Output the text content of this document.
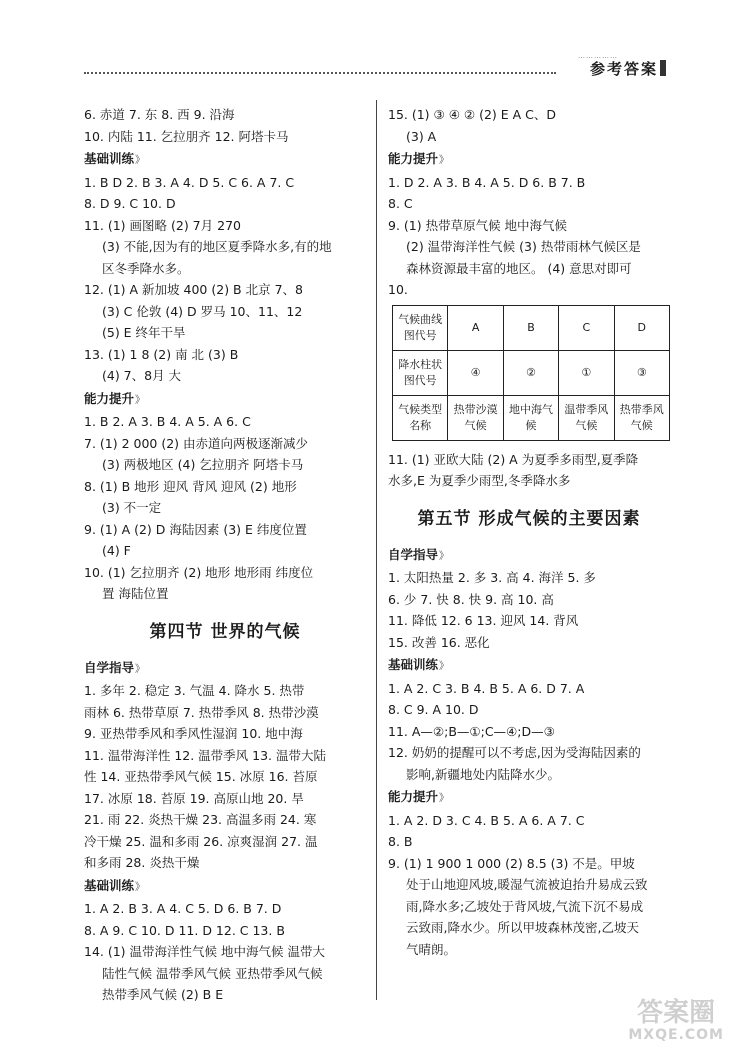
……………
参考答案
6. 赤道 7. 东 8. 西 9. 沿海
10. 内陆 11. 乞拉朋齐 12. 阿塔卡马
基础训练》
1. B D 2. B 3. A 4. D 5. C 6. A 7. C
8. D 9. C 10. D
11. (1) 画图略 (2) 7月 270
(3) 不能,因为有的地区夏季降水多,有的地
区冬季降水多。
12. (1) A 新加坡 400 (2) B 北京 7、8
(3) C 伦敦 (4) D 罗马 10、11、12
(5) E 终年干旱
13. (1) 1 8 (2) 南 北 (3) B
(4) 7、8月 大
能力提升》
1. B 2. A 3. B 4. A 5. A 6. C
7. (1) 2 000 (2) 由赤道向两极逐渐减少
(3) 两极地区 (4) 乞拉朋齐 阿塔卡马
8. (1) B 地形 迎风 背风 迎风 (2) 地形
(3) 不一定
9. (1) A (2) D 海陆因素 (3) E 纬度位置
(4) F
10. (1) 乞拉朋齐 (2) 地形 地形雨 纬度位
置 海陆位置
第四节 世界的气候
自学指导》
1. 多年 2. 稳定 3. 气温 4. 降水 5. 热带
雨林 6. 热带草原 7. 热带季风 8. 热带沙漠
9. 亚热带季风和季风性湿润 10. 地中海
11. 温带海洋性 12. 温带季风 13. 温带大陆
性 14. 亚热带季风气候 15. 冰原 16. 苔原
17. 冰原 18. 苔原 19. 高原山地 20. 旱
21. 雨 22. 炎热干燥 23. 高温多雨 24. 寒
冷干燥 25. 温和多雨 26. 凉爽湿润 27. 温
和多雨 28. 炎热干燥
基础训练》
1. A 2. B 3. A 4. C 5. D 6. B 7. D
8. A 9. C 10. D 11. D 12. C 13. B
14. (1) 温带海洋性气候 地中海气候 温带大
陆性气候 温带季风气候 亚热带季风气候
热带季风气候 (2) B E
15. (1) ③ ④ ② (2) E A C、D
(3) A
能力提升》
1. D 2. A 3. B 4. A 5. D 6. B 7. B
8. C
9. (1) 热带草原气候 地中海气候
(2) 温带海洋性气候 (3) 热带雨林气候区是
森林资源最丰富的地区。 (4) 意思对即可
10.
气候曲线图代号	A	B	C	D
降水柱状图代号	④	②	①	③
气候类型名称	热带沙漠气候	地中海气候	温带季风气候	热带季风气候
11. (1) 亚欧大陆 (2) A 为夏季多雨型,夏季降
水多,E 为夏季少雨型,冬季降水多
第五节 形成气候的主要因素
自学指导》
1. 太阳热量 2. 多 3. 高 4. 海洋 5. 多
6. 少 7. 快 8. 快 9. 高 10. 高
11. 降低 12. 6 13. 迎风 14. 背风
15. 改善 16. 恶化
基础训练》
1. A 2. C 3. B 4. B 5. A 6. D 7. A
8. C 9. A 10. D
11. A—②;B—①;C—④;D—③
12. 奶奶的提醒可以不考虑,因为受海陆因素的
影响,新疆地处内陆降水少。
能力提升》
1. A 2. D 3. C 4. B 5. A 6. A 7. C
8. B
9. (1) 1 900 1 000 (2) 8.5 (3) 不是。甲坡
处于山地迎风坡,暖湿气流被迫抬升易成云致
雨,降水多;乙坡处于背风坡,气流下沉不易成
云致雨,降水少。所以甲坡森林茂密,乙坡天
气晴朗。
答案圈
MXQE.COM
